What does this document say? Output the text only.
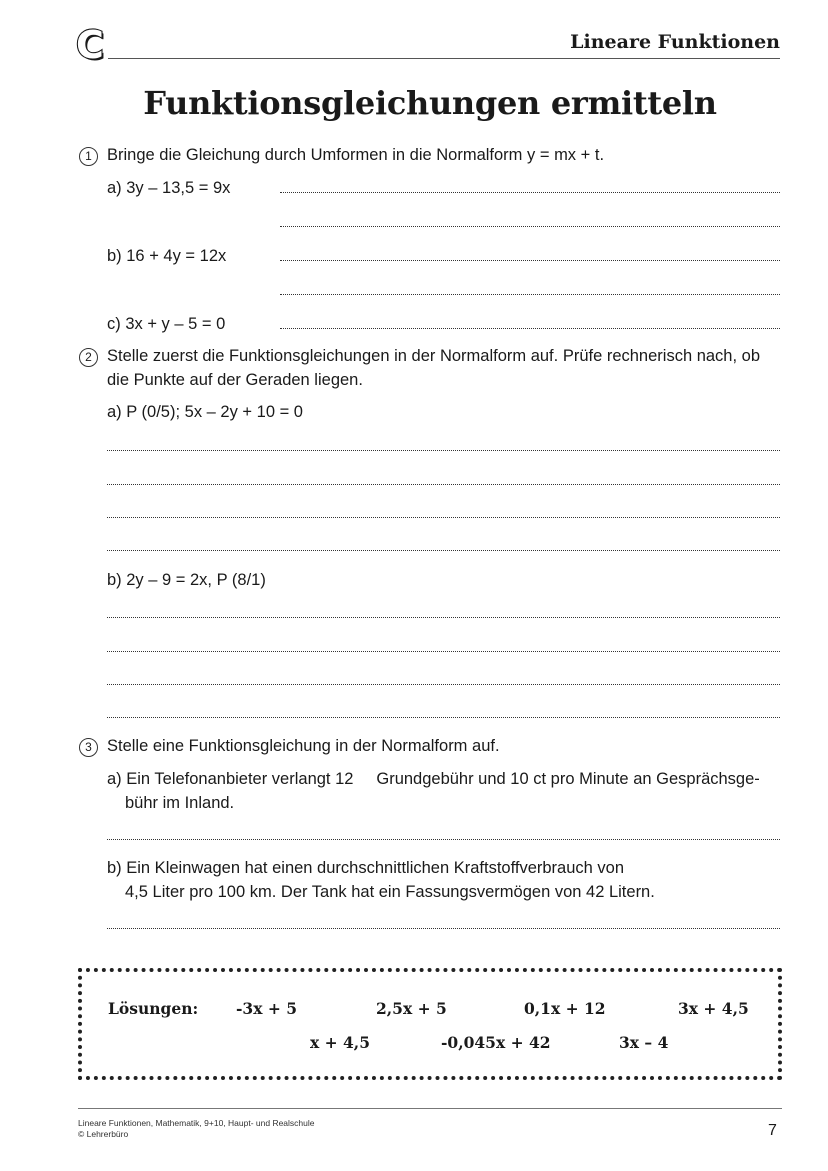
C	Lineare Funktionen
Funktionsgleichungen ermitteln
1 Bringe die Gleichung durch Umformen in die Normalform y = mx + t.
a) 3y – 13,5 = 9x
b) 16 + 4y = 12x
c) 3x + y – 5 = 0
2 Stelle zuerst die Funktionsgleichungen in der Normalform auf. Prüfe rechnerisch nach, ob
die Punkte auf der Geraden liegen.
a) P (0/5); 5x – 2y + 10 = 0
b) 2y – 9 = 2x, P (8/1)
3 Stelle eine Funktionsgleichung in der Normalform auf.
a) Ein Telefonanbieter verlangt 12     Grundgebühr und 10 ct pro Minute an Gesprächsge-
bühr im Inland.
b) Ein Kleinwagen hat einen durchschnittlichen Kraftstoffverbrauch von
4,5 Liter pro 100 km. Der Tank hat ein Fassungsvermögen von 42 Litern.
Lösungen: -3x + 5	2,5x + 5	0,1x + 12	3x + 4,5
x + 4,5	-0,045x + 42	3x – 4
Lineare Funktionen, Mathematik, 9+10, Haupt- und Realschule
© Lehrerbüro	7
